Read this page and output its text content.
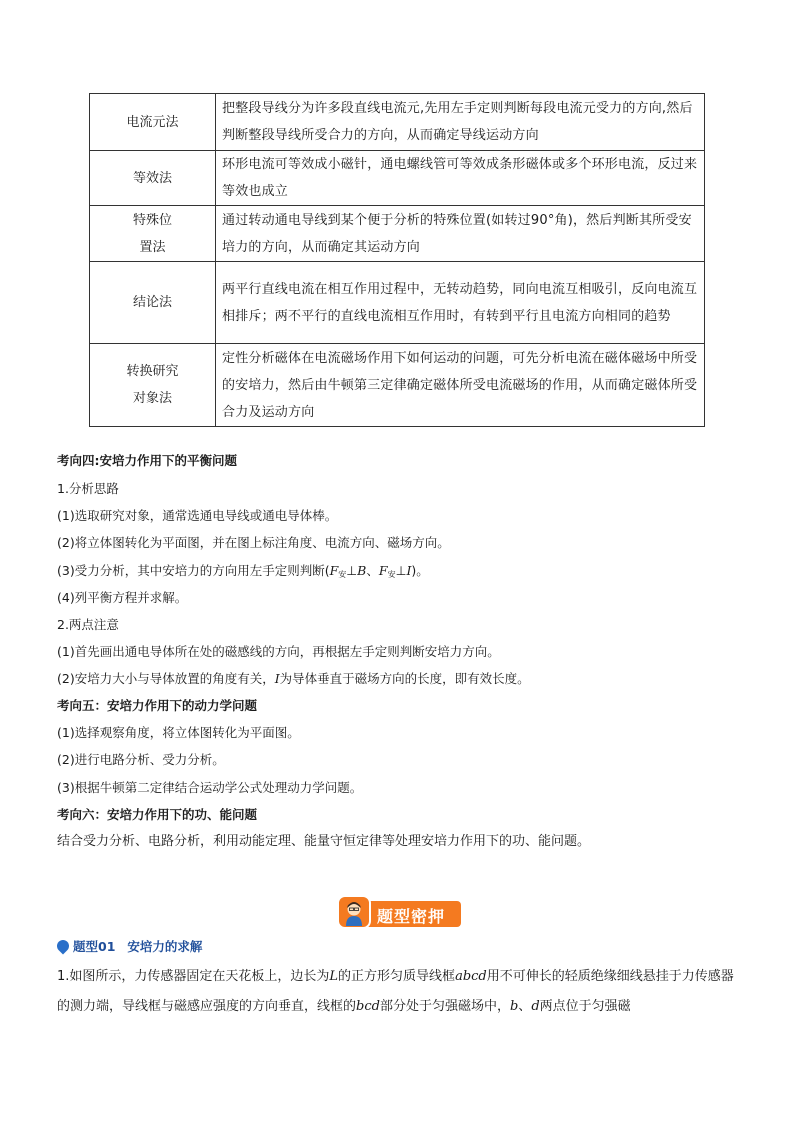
电流元法	把整段导线分为许多段直线电流元,先用左手定则判断每段电流元受力的方向,然后判断整段导线所受合力的方向，从而确定导线运动方向
等效法	环形电流可等效成小磁针，通电螺线管可等效成条形磁体或多个环形电流，反过来等效也成立
特殊位
置法	通过转动通电导线到某个便于分析的特殊位置(如转过90°角)，然后判断其所受安培力的方向，从而确定其运动方向
结论法	两平行直线电流在相互作用过程中，无转动趋势，同向电流互相吸引，反向电流互相排斥；两不平行的直线电流相互作用时，有转到平行且电流方向相同的趋势
转换研究
对象法	定性分析磁体在电流磁场作用下如何运动的问题，可先分析电流在磁体磁场中所受的安培力，然后由牛顿第三定律确定磁体所受电流磁场的作用，从而确定磁体所受合力及运动方向
考向四:安培力作用下的平衡问题
1.分析思路
(1)选取研究对象，通常选通电导线或通电导体棒。
(2)将立体图转化为平面图，并在图上标注角度、电流方向、磁场方向。
(3)受力分析，其中安培力的方向用左手定则判断($F_安\perp B$、$F_安\perp I$)。
(4)列平衡方程并求解。
2.两点注意
(1)首先画出通电导体所在处的磁感线的方向，再根据左手定则判断安培力方向。
(2)安培力大小与导体放置的角度有关，I为导体垂直于磁场方向的长度，即有效长度。
考向五：安培力作用下的动力学问题
(1)选择观察角度，将立体图转化为平面图。
(2)进行电路分析、受力分析。
(3)根据牛顿第二定律结合运动学公式处理动力学问题。
考向六：安培力作用下的功、能问题
结合受力分析、电路分析，利用动能定理、能量守恒定律等处理安培力作用下的功、能问题。
题型密押
题型01 安培力的求解
1.如图所示，力传感器固定在天花板上，边长为L的正方形匀质导线框abcd用不可伸长的轻质绝缘细线悬挂于力传感器的测力端，导线框与磁感应强度的方向垂直，线框的bcd部分处于匀强磁场中，b、d两点位于匀强磁
